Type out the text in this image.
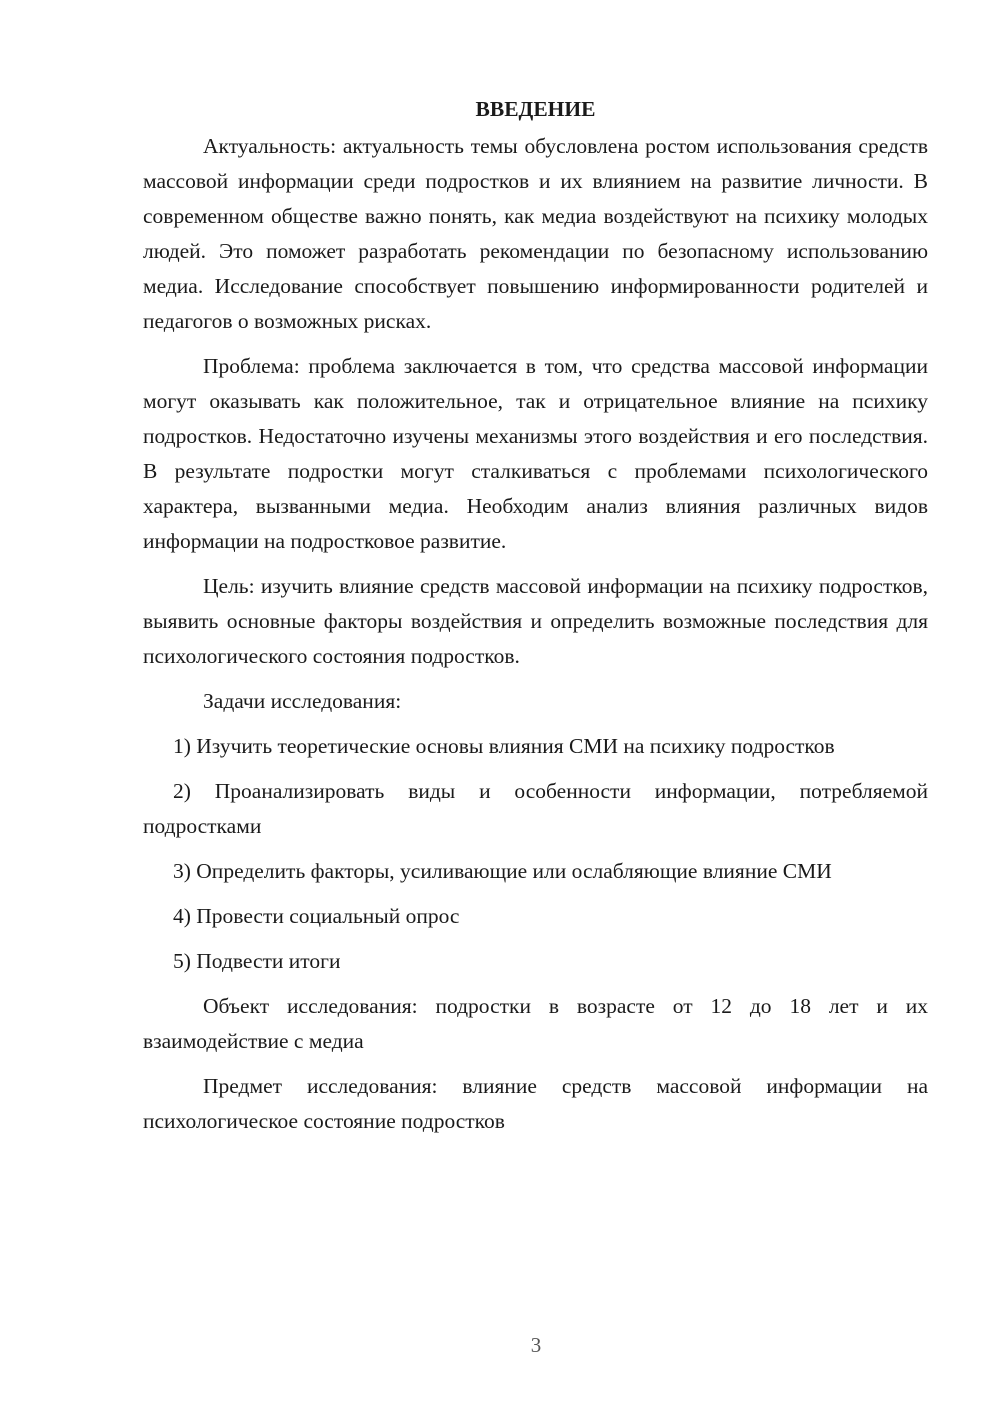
ВВЕДЕНИЕ

Актуальность: актуальность темы обусловлена ростом использования средств массовой информации среди подростков и их влиянием на развитие личности. В современном обществе важно понять, как медиа воздействуют на психику молодых людей. Это поможет разработать рекомендации по безопасному использованию медиа. Исследование способствует повышению информированности родителей и педагогов о возможных рисках.

Проблема: проблема заключается в том, что средства массовой информации могут оказывать как положительное, так и отрицательное влияние на психику подростков. Недостаточно изучены механизмы этого воздействия и его последствия. В результате подростки могут сталкиваться с проблемами психологического характера, вызванными медиа. Необходим анализ влияния различных видов информации на подростковое развитие.

Цель: изучить влияние средств массовой информации на психику подростков, выявить основные факторы воздействия и определить возможные последствия для психологического состояния подростков.

Задачи исследования:

1) Изучить теоретические основы влияния СМИ на психику подростков

2) Проанализировать виды и особенности информации, потребляемой подростками

3) Определить факторы, усиливающие или ослабляющие влияние СМИ

4) Провести социальный опрос

5) Подвести итоги

Объект исследования: подростки в возрасте от 12 до 18 лет и их взаимодействие с медиа

Предмет исследования: влияние средств массовой информации на психологическое состояние подростков

3
